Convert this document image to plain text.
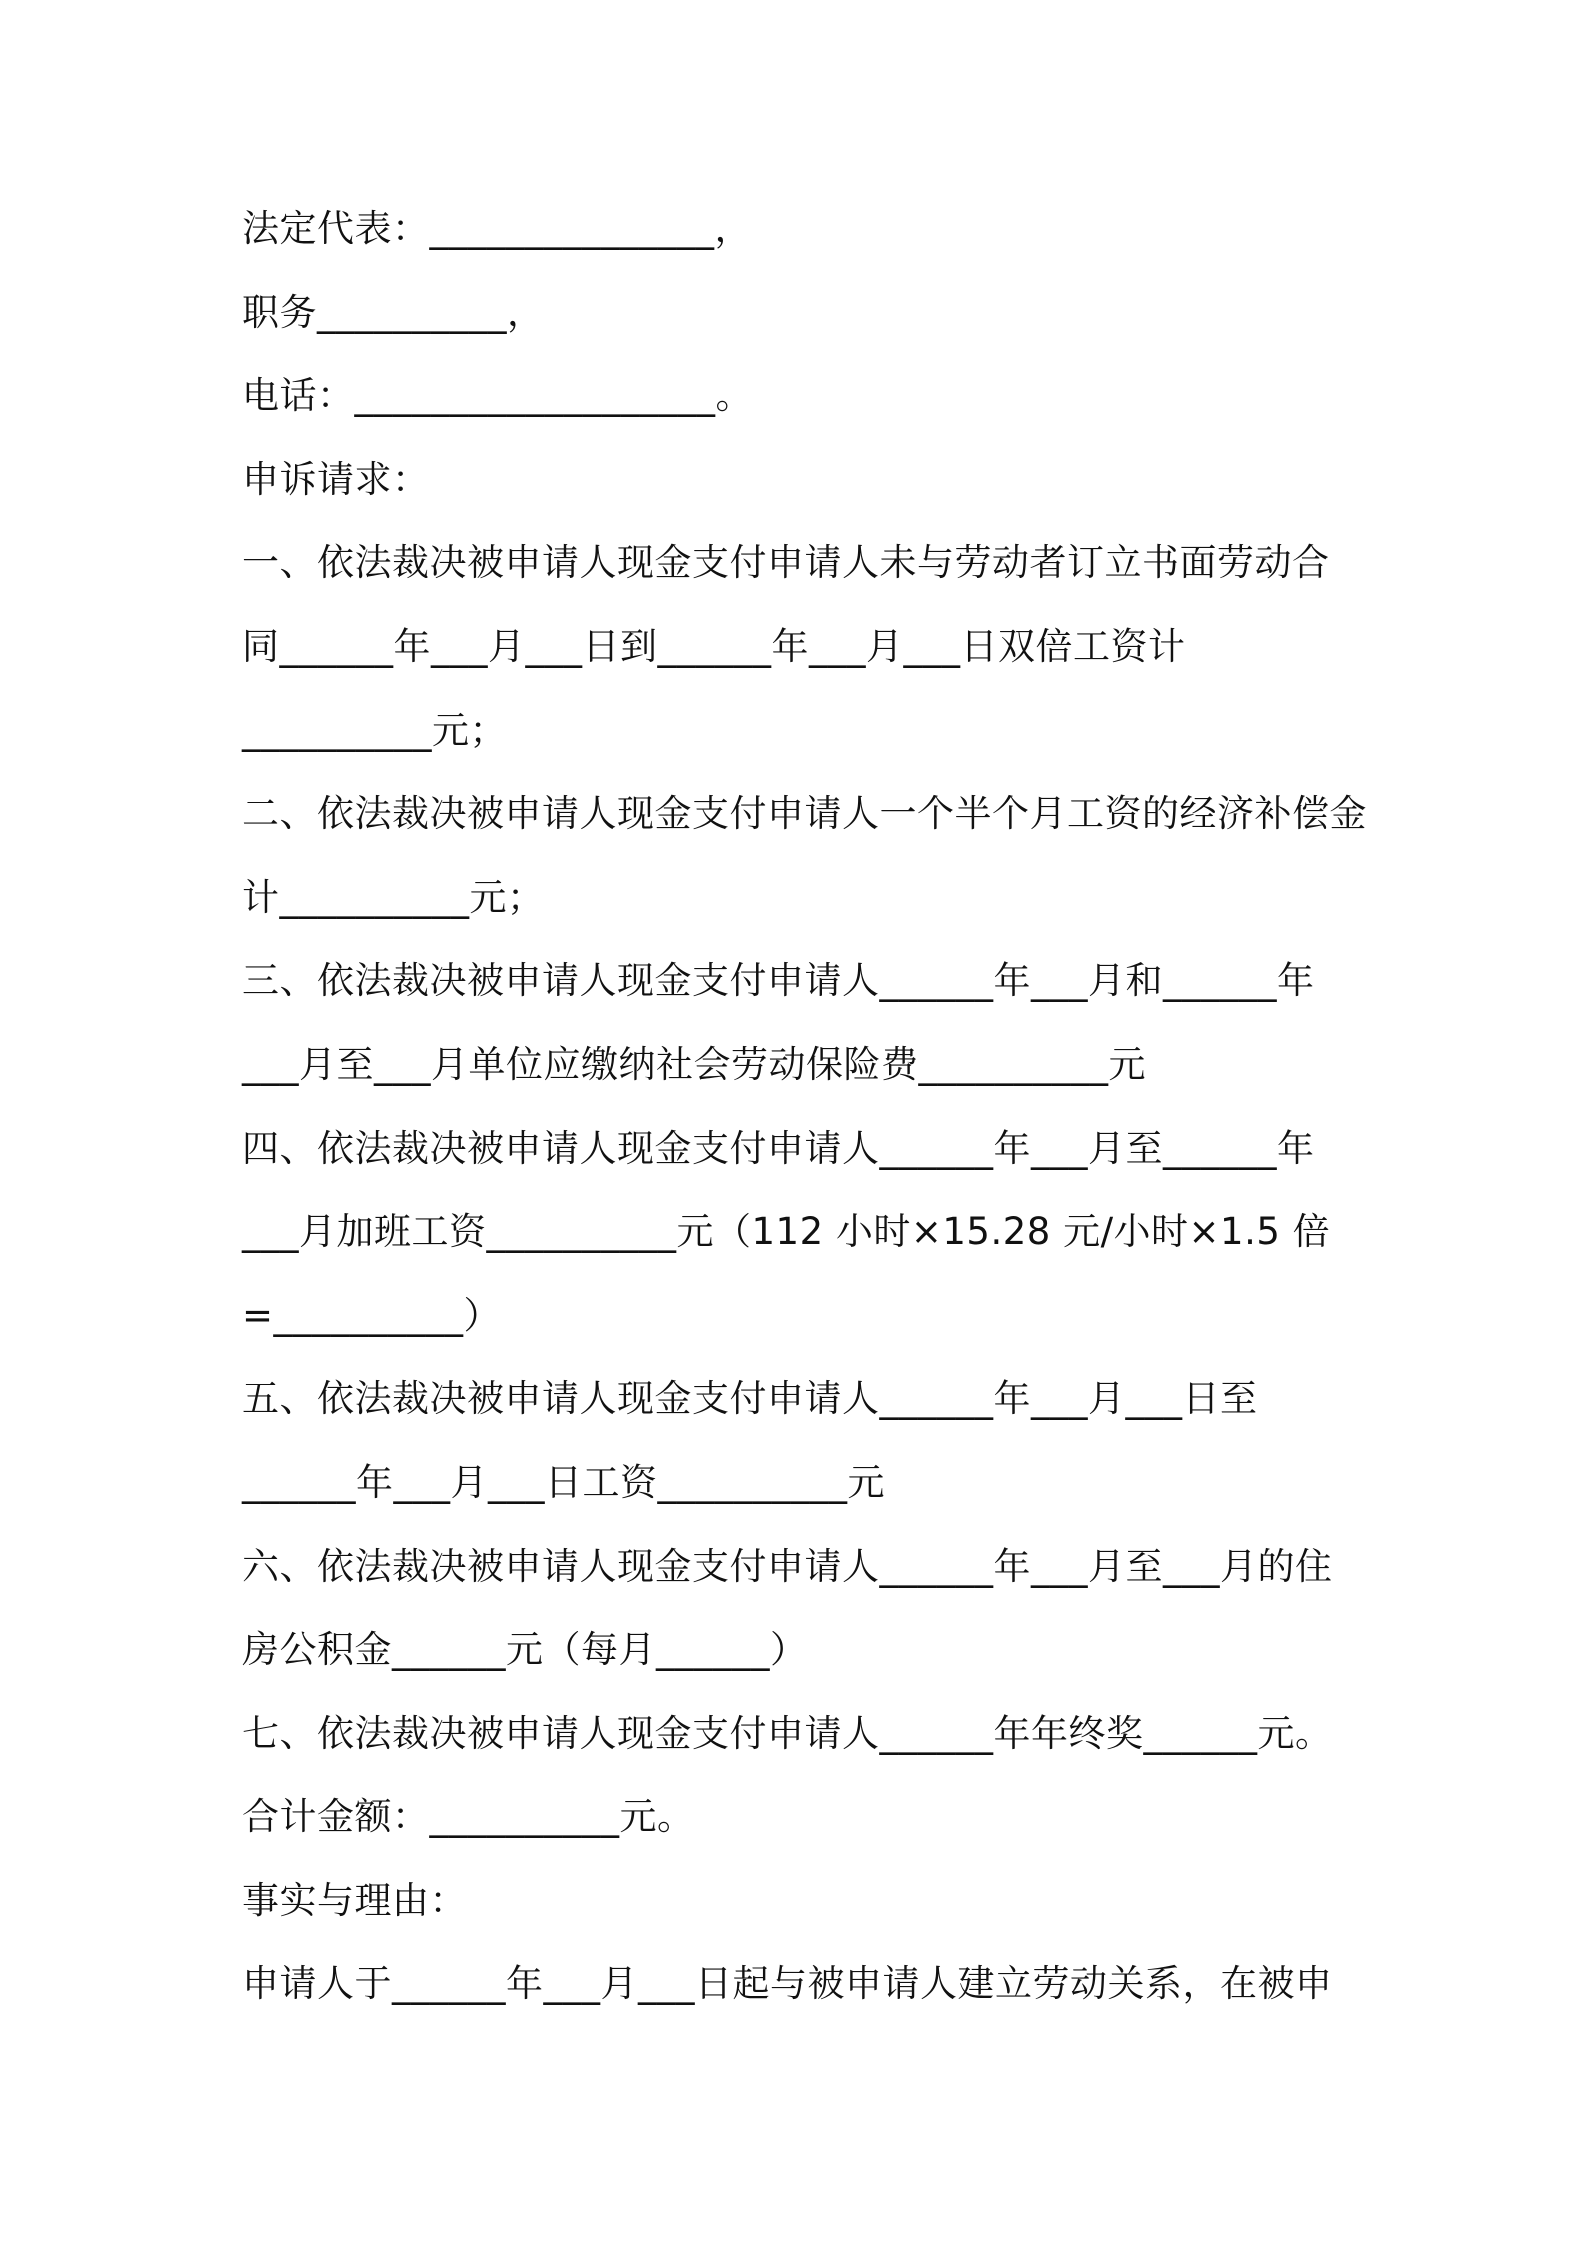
法定代表：_______________，
职务__________，
电话：___________________。
申诉请求：
一、依法裁决被申请人现金支付申请人未与劳动者订立书面劳动合
同______年___月___日到______年___月___日双倍工资计
__________元；
二、依法裁决被申请人现金支付申请人一个半个月工资的经济补偿金
计__________元；
三、依法裁决被申请人现金支付申请人______年___月和______年
___月至___月单位应缴纳社会劳动保险费__________元
四、依法裁决被申请人现金支付申请人______年___月至______年
___月加班工资__________元（112 小时×15.28 元/小时×1.5 倍
=__________）
五、依法裁决被申请人现金支付申请人______年___月___日至
______年___月___日工资__________元
六、依法裁决被申请人现金支付申请人______年___月至___月的住
房公积金______元（每月______）
七、依法裁决被申请人现金支付申请人______年年终奖______元。
合计金额：__________元。
事实与理由：
申请人于______年___月___日起与被申请人建立劳动关系，在被申
